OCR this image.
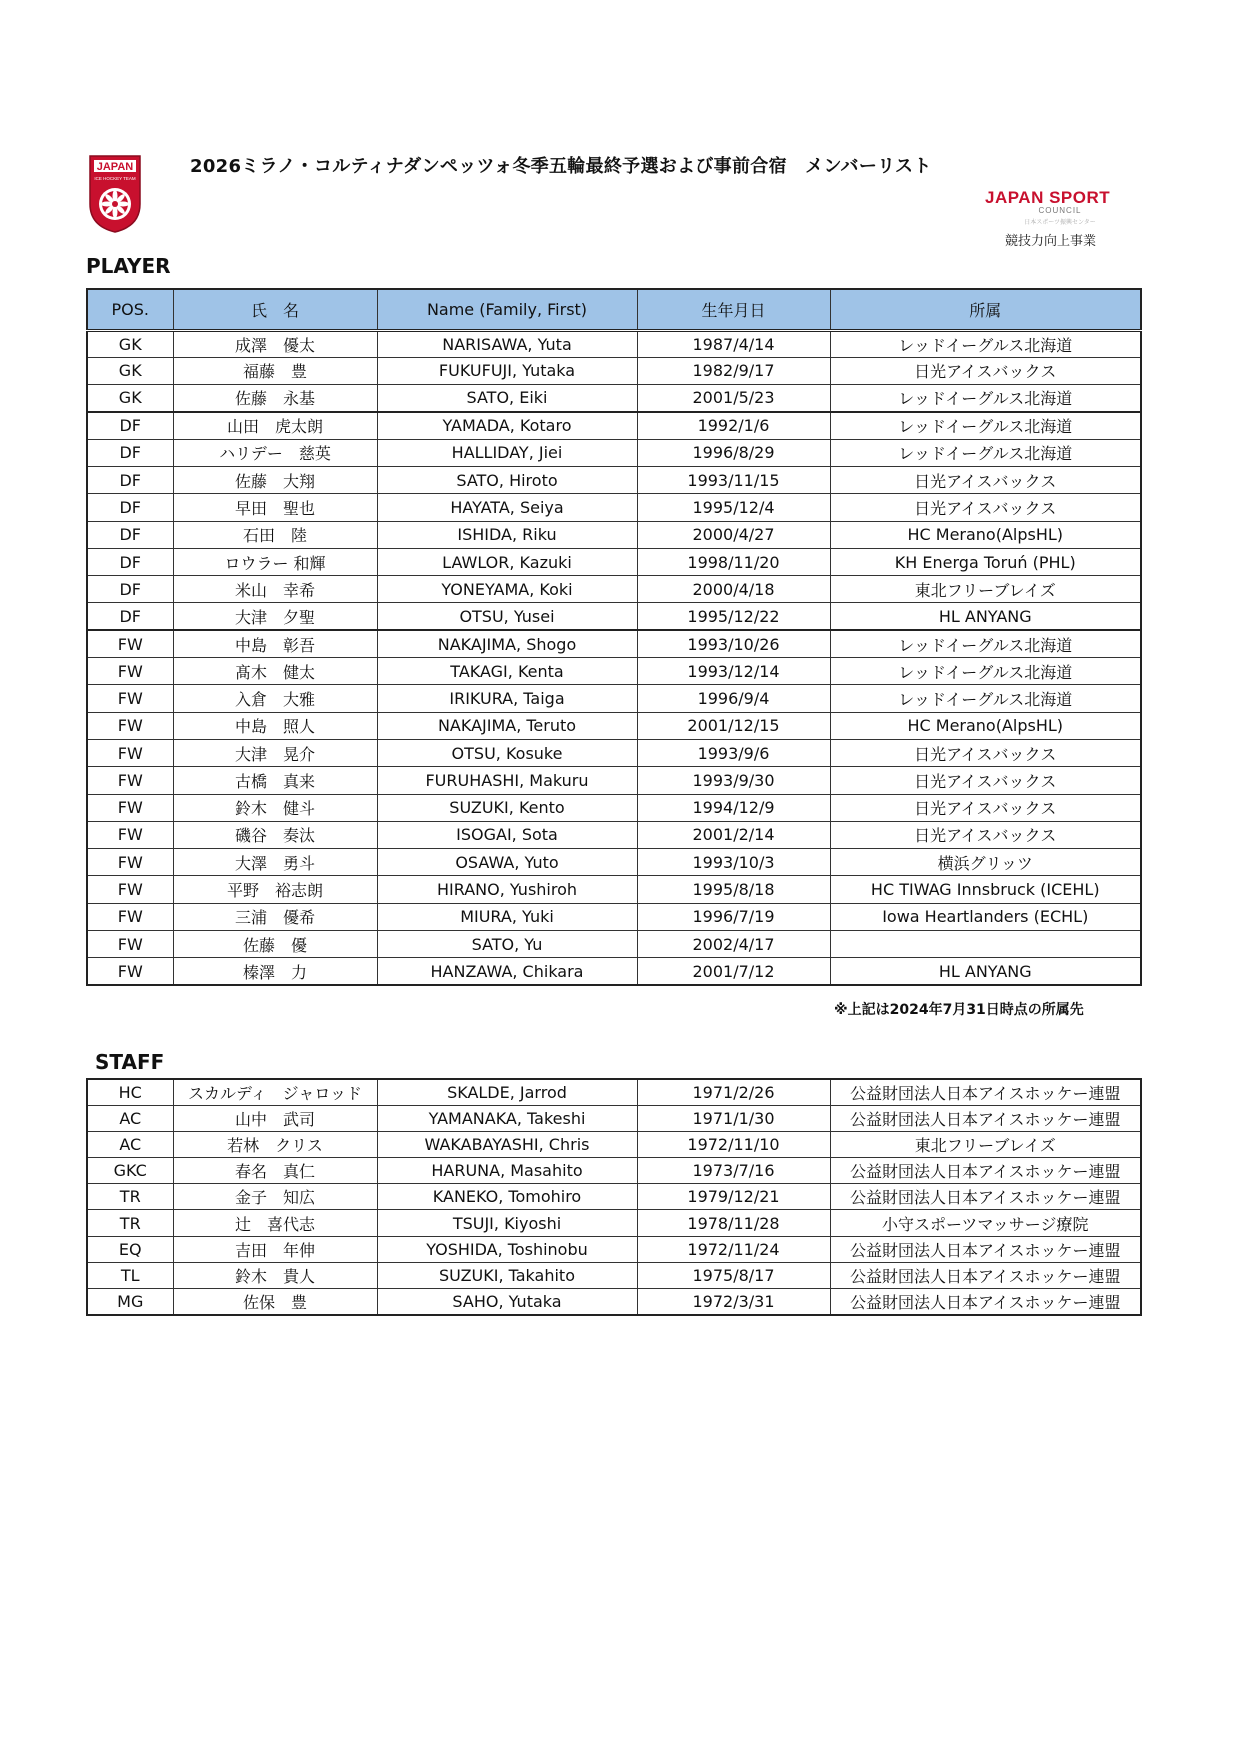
JAPAN
ICE HOCKEY TEAM
2026ミラノ・コルティナダンペッツォ冬季五輪最終予選および事前合宿　メンバーリスト
JAPAN SPORT
COUNCIL
日本スポーツ振興センター
競技力向上事業
PLAYER
POS.	氏　名	Name (Family, First)	生年月日	所属
GK	成澤　優太	NARISAWA, Yuta	1987/4/14	レッドイーグルス北海道
GK	福藤　豊	FUKUFUJI, Yutaka	1982/9/17	日光アイスバックス
GK	佐藤　永基	SATO, Eiki	2001/5/23	レッドイーグルス北海道
DF	山田　虎太朗	YAMADA, Kotaro	1992/1/6	レッドイーグルス北海道
DF	ハリデー　慈英	HALLIDAY, Jiei	1996/8/29	レッドイーグルス北海道
DF	佐藤　大翔	SATO, Hiroto	1993/11/15	日光アイスバックス
DF	早田　聖也	HAYATA, Seiya	1995/12/4	日光アイスバックス
DF	石田　陸	ISHIDA, Riku	2000/4/27	HC Merano(AlpsHL)
DF	ロウラー 和輝	LAWLOR, Kazuki	1998/11/20	KH Energa Toruń (PHL)
DF	米山　幸希	YONEYAMA, Koki	2000/4/18	東北フリーブレイズ
DF	大津　夕聖	OTSU, Yusei	1995/12/22	HL ANYANG
FW	中島　彰吾	NAKAJIMA, Shogo	1993/10/26	レッドイーグルス北海道
FW	髙木　健太	TAKAGI, Kenta	1993/12/14	レッドイーグルス北海道
FW	入倉　大雅	IRIKURA, Taiga	1996/9/4	レッドイーグルス北海道
FW	中島　照人	NAKAJIMA, Teruto	2001/12/15	HC Merano(AlpsHL)
FW	大津　晃介	OTSU, Kosuke	1993/9/6	日光アイスバックス
FW	古橋　真来	FURUHASHI, Makuru	1993/9/30	日光アイスバックス
FW	鈴木　健斗	SUZUKI, Kento	1994/12/9	日光アイスバックス
FW	磯谷　奏汰	ISOGAI, Sota	2001/2/14	日光アイスバックス
FW	大澤　勇斗	OSAWA, Yuto	1993/10/3	横浜グリッツ
FW	平野　裕志朗	HIRANO, Yushiroh	1995/8/18	HC TIWAG Innsbruck (ICEHL)
FW	三浦　優希	MIURA, Yuki	1996/7/19	Iowa Heartlanders (ECHL)
FW	佐藤　優	SATO, Yu	2002/4/17	
FW	榛澤　力	HANZAWA, Chikara	2001/7/12	HL ANYANG
※上記は2024年7月31日時点の所属先
STAFF
HC	スカルディ　ジャロッド	SKALDE, Jarrod	1971/2/26	公益財団法人日本アイスホッケー連盟
AC	山中　武司	YAMANAKA, Takeshi	1971/1/30	公益財団法人日本アイスホッケー連盟
AC	若林　クリス	WAKABAYASHI, Chris	1972/11/10	東北フリーブレイズ
GKC	春名　真仁	HARUNA, Masahito	1973/7/16	公益財団法人日本アイスホッケー連盟
TR	金子　知広	KANEKO, Tomohiro	1979/12/21	公益財団法人日本アイスホッケー連盟
TR	辻　喜代志	TSUJI, Kiyoshi	1978/11/28	小守スポーツマッサージ療院
EQ	吉田　年伸	YOSHIDA, Toshinobu	1972/11/24	公益財団法人日本アイスホッケー連盟
TL	鈴木　貴人	SUZUKI, Takahito	1975/8/17	公益財団法人日本アイスホッケー連盟
MG	佐保　豊	SAHO, Yutaka	1972/3/31	公益財団法人日本アイスホッケー連盟
